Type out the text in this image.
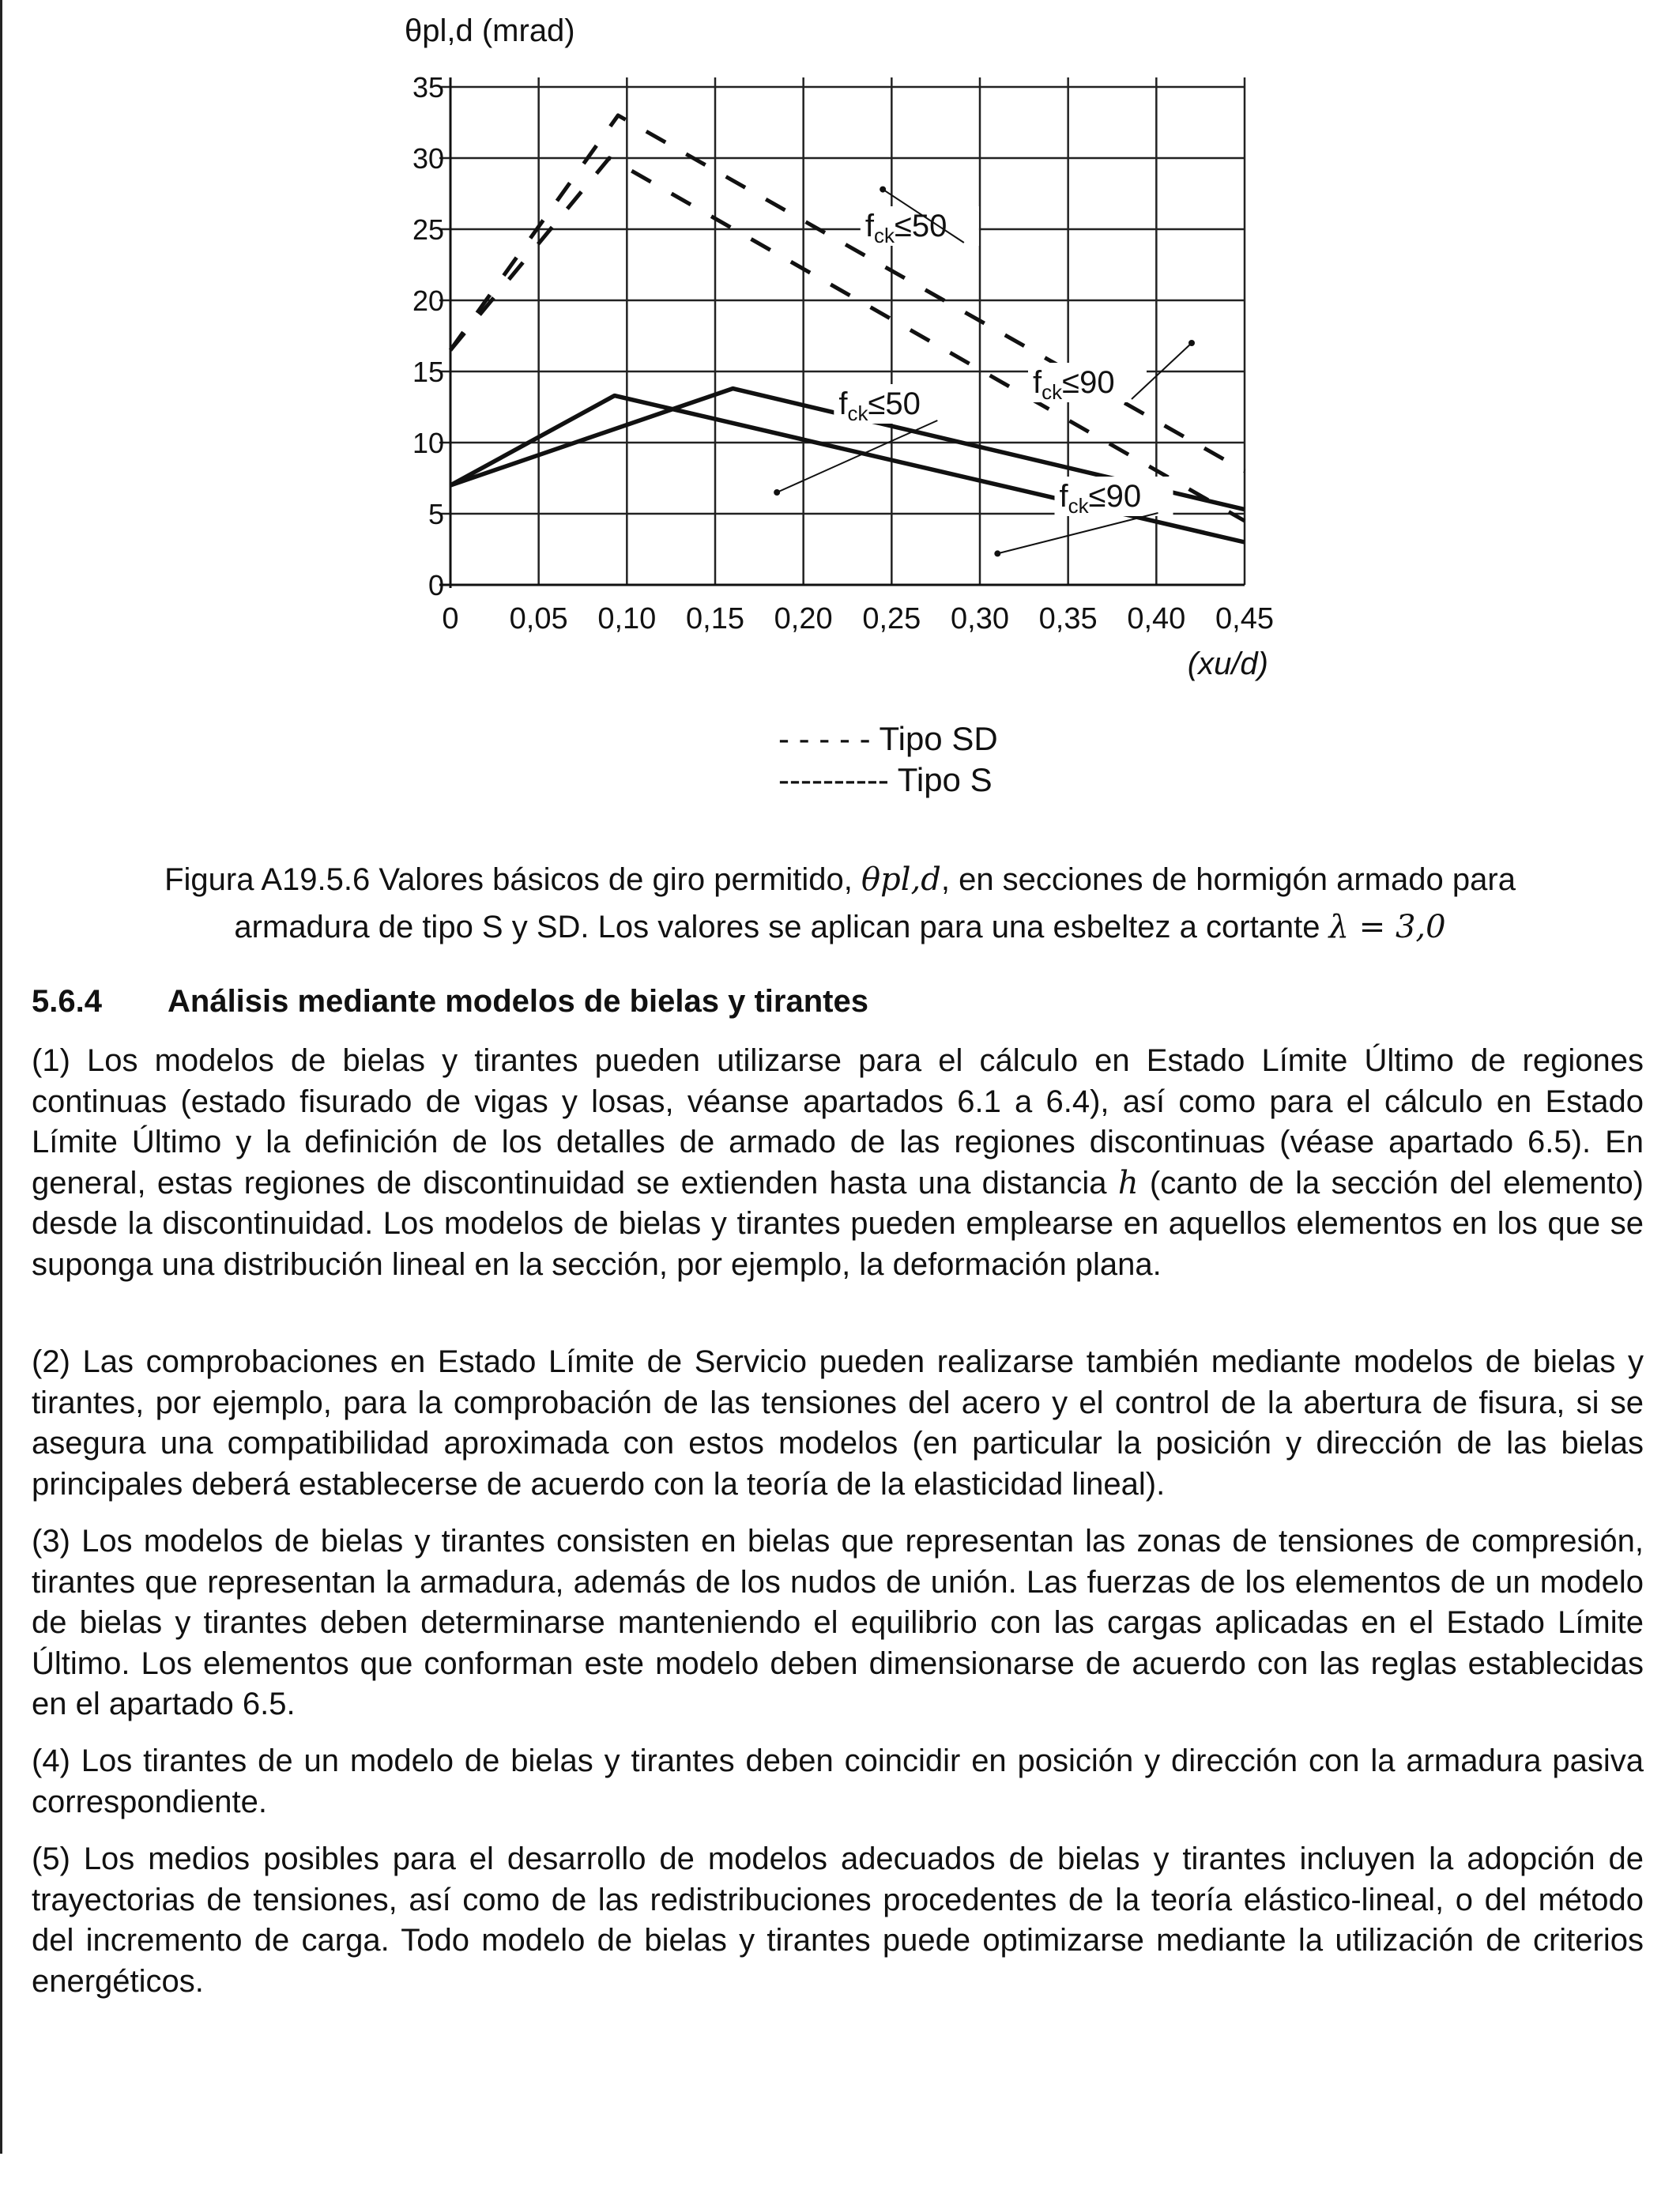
$f_{ck}\le 50$
$f_{ck}\le 90$
$f_{ck}\le 50$
$f_{ck}\le 90$
0 0,05 0,10 0,15 0,20 0,25 0,30 0,35 0,40 0,45
0
5
10
15
20
25
30
35
θpl,d (mrad)
(xu/d)
- - - - - Tipo SD
---------- Tipo S
Figura A19.5.6 Valores básicos de giro permitido, θpl,d, en secciones de hormigón armado para
armadura de tipo S y SD. Los valores se aplican para una esbeltez a cortante λ = 3,0
5.6.4 Análisis mediante modelos de bielas y tirantes

(1) Los modelos de bielas y tirantes pueden utilizarse para el cálculo en Estado Límite Último de regiones continuas (estado fisurado de vigas y losas, véanse apartados 6.1 a 6.4), así como para el cálculo en Estado Límite Último y la definición de los detalles de armado de las regiones discontinuas (véase apartado 6.5). En general, estas regiones de discontinuidad se extienden hasta una distancia h (canto de la sección del elemento) desde la discontinuidad. Los modelos de bielas y tirantes pueden emplearse en aquellos elementos en los que se suponga una distribución lineal en la sección, por ejemplo, la deformación plana.

(2) Las comprobaciones en Estado Límite de Servicio pueden realizarse también mediante modelos de bielas y tirantes, por ejemplo, para la comprobación de las tensiones del acero y el control de la abertura de fisura, si se asegura una compatibilidad aproximada con estos modelos (en particular la posición y dirección de las bielas principales deberá establecerse de acuerdo con la teoría de la elasticidad lineal).

(3) Los modelos de bielas y tirantes consisten en bielas que representan las zonas de tensiones de compresión, tirantes que representan la armadura, además de los nudos de unión. Las fuerzas de los elementos de un modelo de bielas y tirantes deben determinarse manteniendo el equilibrio con las cargas aplicadas en el Estado Límite Último. Los elementos que conforman este modelo deben dimensionarse de acuerdo con las reglas establecidas en el apartado 6.5.

(4) Los tirantes de un modelo de bielas y tirantes deben coincidir en posición y dirección con la armadura pasiva correspondiente.

(5) Los medios posibles para el desarrollo de modelos adecuados de bielas y tirantes incluyen la adopción de trayectorias de tensiones, así como de las redistribuciones procedentes de la teoría elástico-lineal, o del método del incremento de carga. Todo modelo de bielas y tirantes puede optimizarse mediante la utilización de criterios energéticos.
